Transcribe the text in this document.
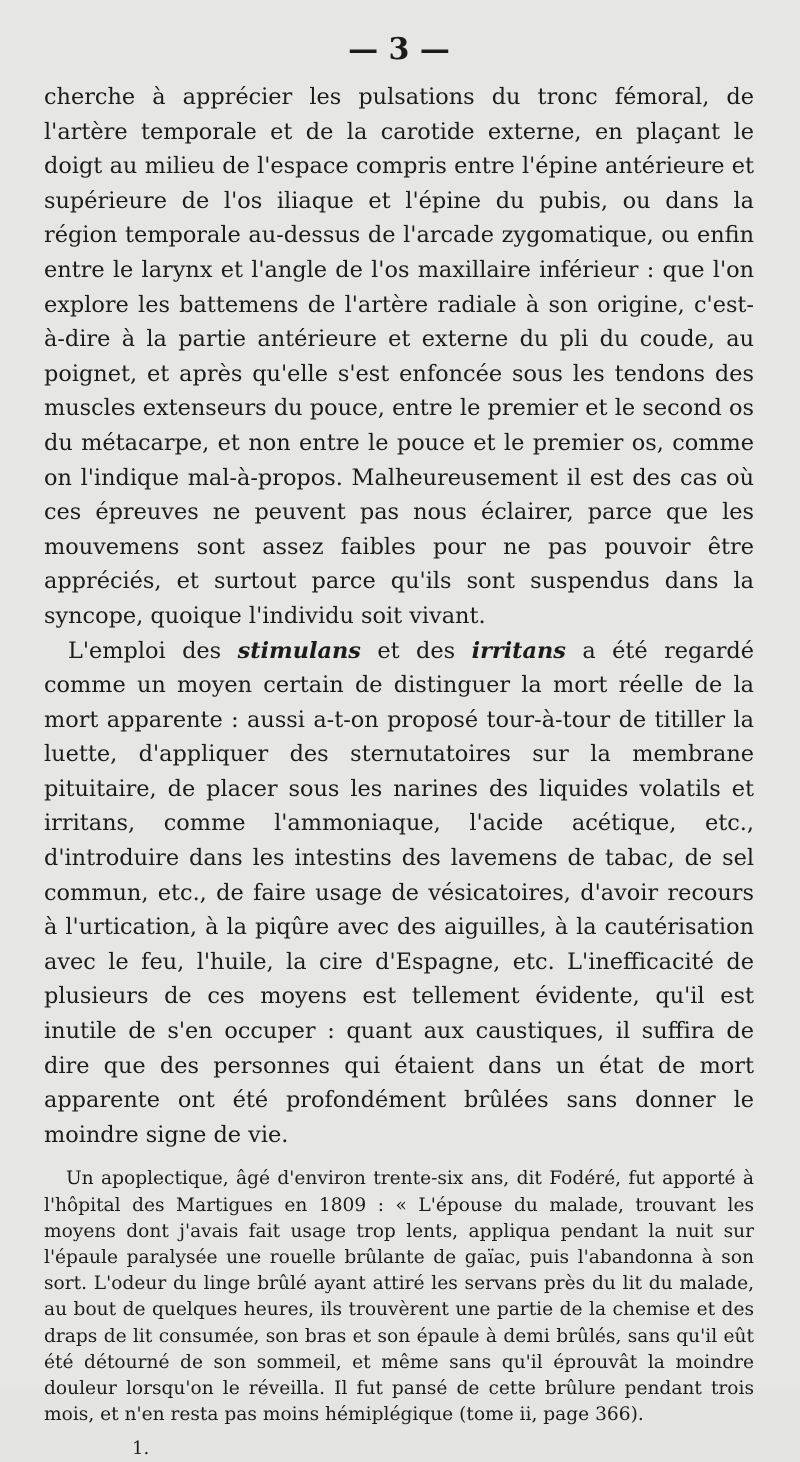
— 3 —

cherche à apprécier les pulsations du tronc fémoral, de l'artère temporale et de la carotide externe, en plaçant le doigt au milieu de l'espace compris entre l'épine antérieure et supérieure de l'os iliaque et l'épine du pubis, ou dans la région temporale au-dessus de l'arcade zygomatique, ou enfin entre le larynx et l'angle de l'os maxillaire inférieur : que l'on explore les battemens de l'artère radiale à son origine, c'est-à-dire à la partie antérieure et externe du pli du coude, au poignet, et après qu'elle s'est enfoncée sous les tendons des muscles extenseurs du pouce, entre le premier et le second os du métacarpe, et non entre le pouce et le premier os, comme on l'indique mal-à-propos. Malheureusement il est des cas où ces épreuves ne peuvent pas nous éclairer, parce que les mouvemens sont assez faibles pour ne pas pouvoir être appréciés, et surtout parce qu'ils sont suspendus dans la syncope, quoique l'individu soit vivant.

L'emploi des stimulans et des irritans a été regardé comme un moyen certain de distinguer la mort réelle de la mort apparente : aussi a-t-on proposé tour-à-tour de titiller la luette, d'appliquer des sternutatoires sur la membrane pituitaire, de placer sous les narines des liquides volatils et irritans, comme l'ammoniaque, l'acide acétique, etc., d'introduire dans les intestins des lavemens de tabac, de sel commun, etc., de faire usage de vésicatoires, d'avoir recours à l'urtication, à la piqûre avec des aiguilles, à la cautérisation avec le feu, l'huile, la cire d'Espagne, etc. L'inefficacité de plusieurs de ces moyens est tellement évidente, qu'il est inutile de s'en occuper : quant aux caustiques, il suffira de dire que des personnes qui étaient dans un état de mort apparente ont été profondément brûlées sans donner le moindre signe de vie.

Un apoplectique, âgé d'environ trente-six ans, dit Fodéré, fut apporté à l'hôpital des Martigues en 1809 : « L'épouse du malade, trouvant les moyens dont j'avais fait usage trop lents, appliqua pendant la nuit sur l'épaule paralysée une rouelle brûlante de gaïac, puis l'abandonna à son sort. L'odeur du linge brûlé ayant attiré les servans près du lit du malade, au bout de quelques heures, ils trouvèrent une partie de la chemise et des draps de lit consumée, son bras et son épaule à demi brûlés, sans qu'il eût été détourné de son sommeil, et même sans qu'il éprouvât la moindre douleur lorsqu'on le réveilla. Il fut pansé de cette brûlure pendant trois mois, et n'en resta pas moins hémiplégique (tome ii, page 366).

1.
